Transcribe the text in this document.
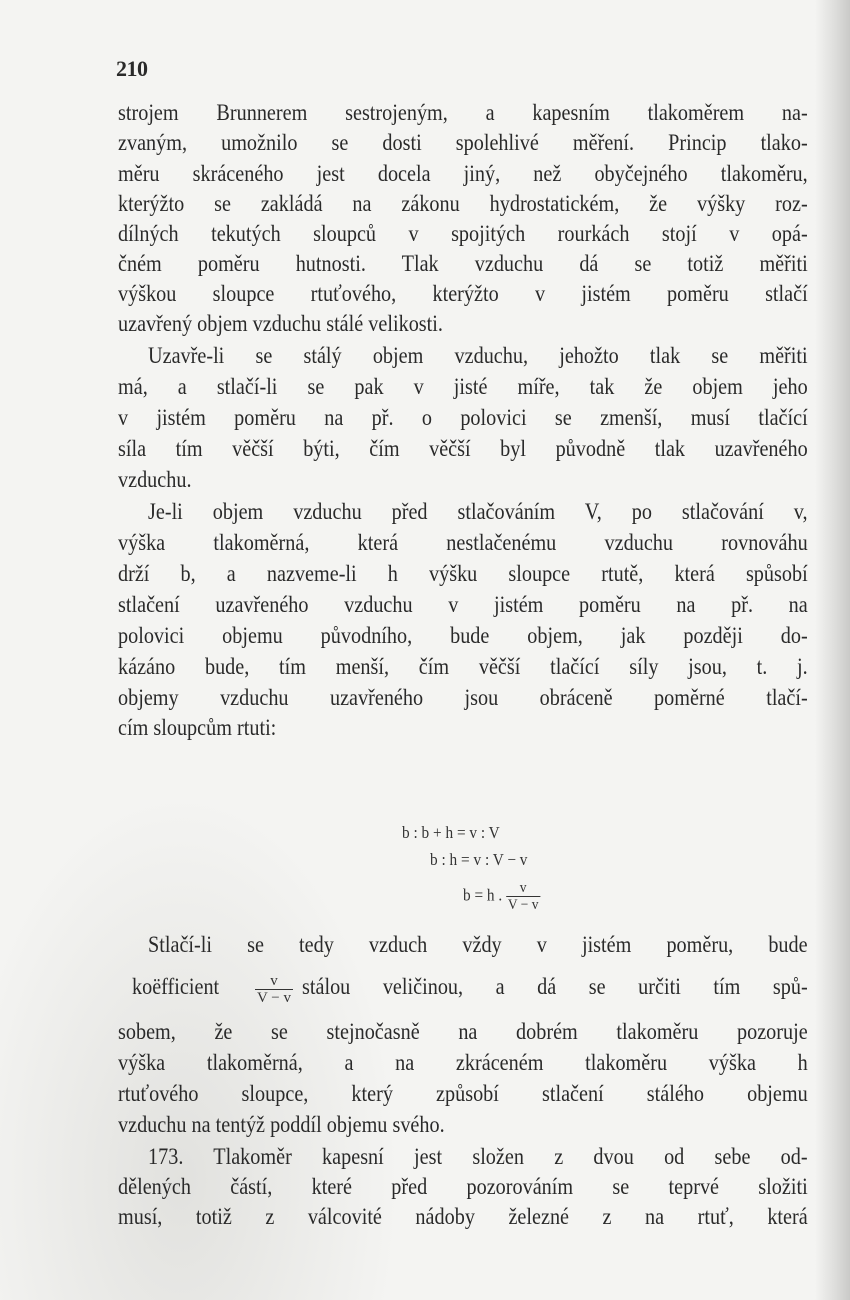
210
strojem Brunnerem sestrojeným, a kapesním tlakoměrem na-
zvaným, umožnilo se dosti spolehlivé měření. Princip tlako-
měru skráceného jest docela jiný, než obyčejného tlakoměru,
kterýžto se zakládá na zákonu hydrostatickém, že výšky roz-
dílných tekutých sloupců v spojitých rourkách stojí v opá-
čném poměru hutnosti. Tlak vzduchu dá se totiž měřiti
výškou sloupce rtuťového, kterýžto v jistém poměru stlačí
uzavřený objem vzduchu stálé velikosti.
Uzavře-li se stálý objem vzduchu, jehožto tlak se měřiti
má, a stlačí-li se pak v jisté míře, tak že objem jeho
v jistém poměru na př. o polovici se zmenší, musí tlačící
síla tím věčší býti, čím věčší byl původně tlak uzavřeného
vzduchu.
Je-li objem vzduchu před stlačováním V, po stlačování v,
výška tlakoměrná, která nestlačenému vzduchu rovnováhu
drží b, a nazveme-li h výšku sloupce rtutě, která spůsobí
stlačení uzavřeného vzduchu v jistém poměru na př. na
polovici objemu původního, bude objem, jak později do-
kázáno bude, tím menší, čím věčší tlačící síly jsou, t. j.
objemy vzduchu uzavřeného jsou obráceně poměrné tlačí-
cím sloupcům rtuti:
b : b + h = v : V
b : h = v : V − v
b = h . $\frac{v}{V - v}$
Stlačí-li se tedy vzduch vždy v jistém poměru, bude
koëfficient $\frac{v}{V - v}$ stálou veličinou, a dá se určiti tím spů-
sobem, že se stejnočasně na dobrém tlakoměru pozoruje
výška tlakoměrná, a na zkráceném tlakoměru výška h
rtuťového sloupce, který způsobí stlačení stálého objemu
vzduchu na tentýž poddíl objemu svého.
173. Tlakoměr kapesní jest složen z dvou od sebe od-
dělených částí, které před pozorováním se teprvé složiti
musí, totiž z válcovité nádoby železné z na rtuť, která
